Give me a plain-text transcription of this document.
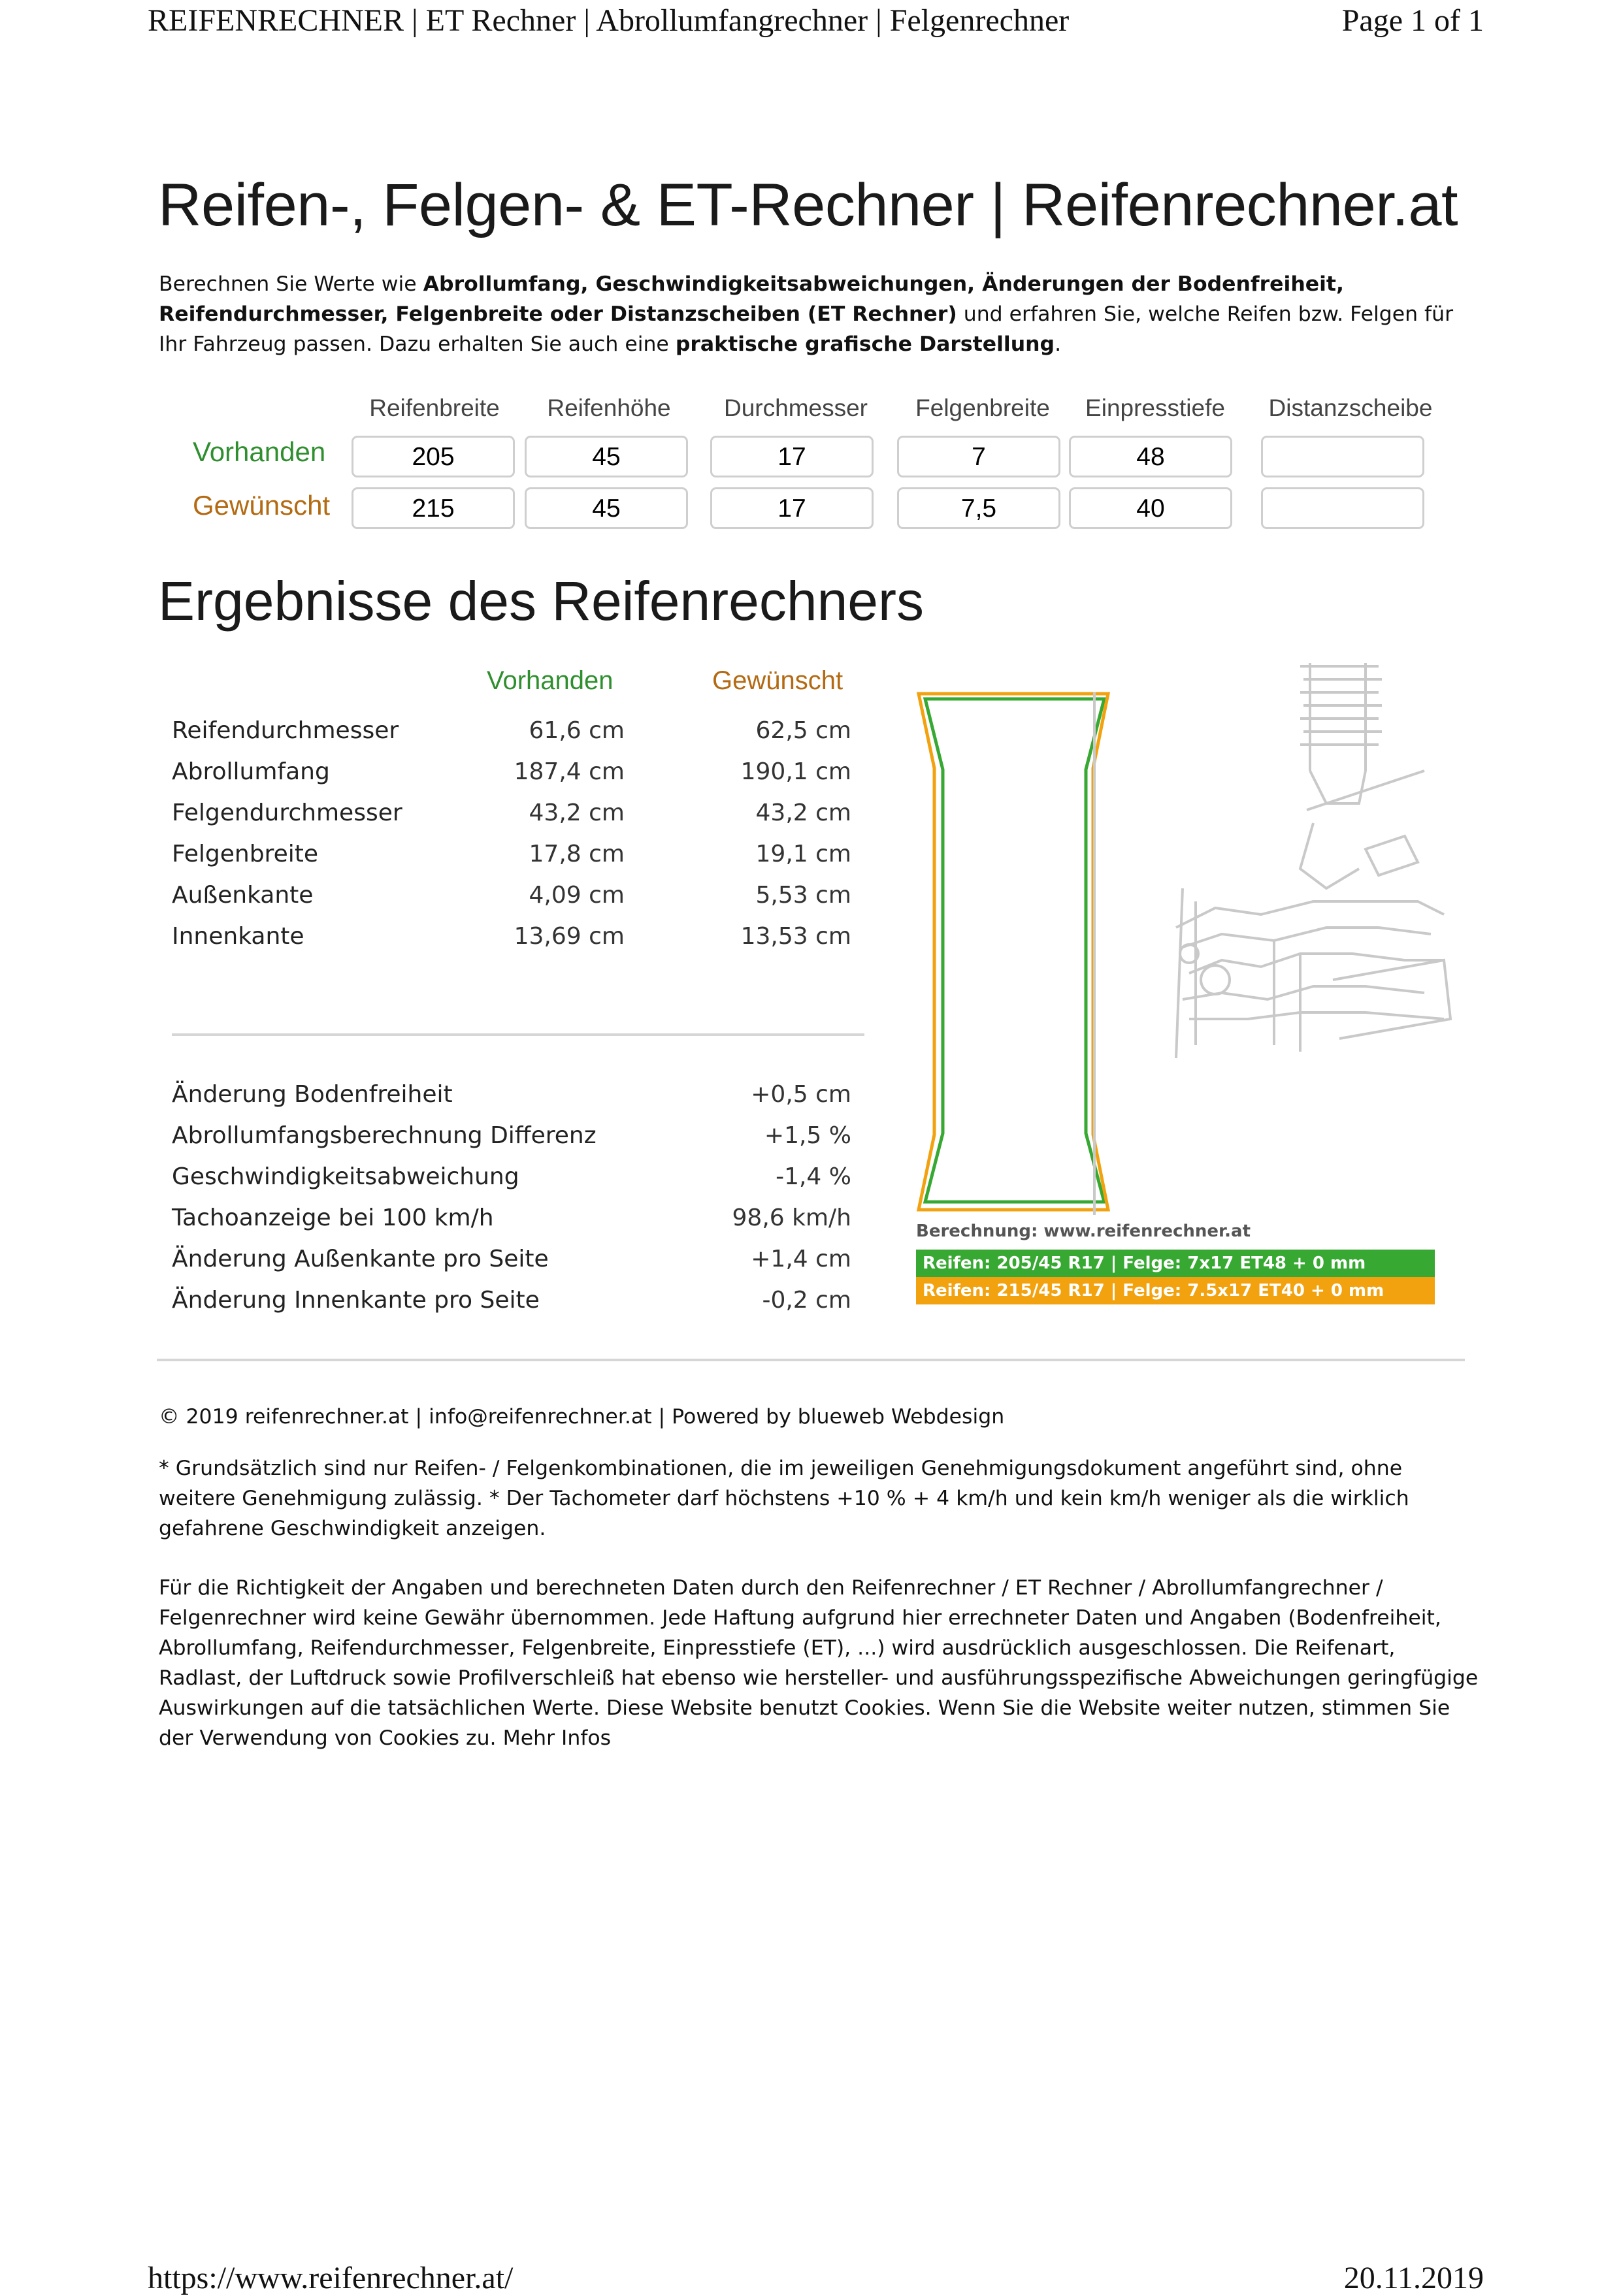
REIFENRECHNER | ET Rechner | Abrollumfangrechner | Felgenrechner	Page 1 of 1
Reifen-, Felgen- & ET-Rechner | Reifenrechner.at
Berechnen Sie Werte wie Abrollumfang, Geschwindigkeitsabweichungen, Änderungen der Bodenfreiheit, Reifendurchmesser, Felgenbreite oder Distanzscheiben (ET Rechner) und erfahren Sie, welche Reifen bzw. Felgen für Ihr Fahrzeug passen. Dazu erhalten Sie auch eine praktische grafische Darstellung.
Reifenbreite	Reifenhöhe	Durchmesser	Felgenbreite	Einpresstiefe	Distanzscheibe
Vorhanden	205	45	17	7	48
Gewünscht	215	45	17	7,5	40
Ergebnisse des Reifenrechners
Vorhanden	Gewünscht
Reifendurchmesser	61,6 cm	62,5 cm
Abrollumfang	187,4 cm	190,1 cm
Felgendurchmesser	43,2 cm	43,2 cm
Felgenbreite	17,8 cm	19,1 cm
Außenkante	4,09 cm	5,53 cm
Innenkante	13,69 cm	13,53 cm
Änderung Bodenfreiheit	+0,5 cm
Abrollumfangsberechnung Differenz	+1,5 %
Geschwindigkeitsabweichung	-1,4 %
Tachoanzeige bei 100 km/h	98,6 km/h
Änderung Außenkante pro Seite	+1,4 cm
Änderung Innenkante pro Seite	-0,2 cm
Berechnung: www.reifenrechner.at
Reifen: 205/45 R17 | Felge: 7x17 ET48 + 0 mm
Reifen: 215/45 R17 | Felge: 7.5x17 ET40 + 0 mm
© 2019 reifenrechner.at | info@reifenrechner.at | Powered by blueweb Webdesign
* Grundsätzlich sind nur Reifen- / Felgenkombinationen, die im jeweiligen Genehmigungsdokument angeführt sind, ohne weitere Genehmigung zulässig. * Der Tachometer darf höchstens +10 % + 4 km/h und kein km/h weniger als die wirklich gefahrene Geschwindigkeit anzeigen.
Für die Richtigkeit der Angaben und berechneten Daten durch den Reifenrechner / ET Rechner / Abrollumfangrechner / Felgenrechner wird keine Gewähr übernommen. Jede Haftung aufgrund hier errechneter Daten und Angaben (Bodenfreiheit, Abrollumfang, Reifendurchmesser, Felgenbreite, Einpresstiefe (ET), ...) wird ausdrücklich ausgeschlossen. Die Reifenart, Radlast, der Luftdruck sowie Profilverschleiß hat ebenso wie hersteller- und ausführungsspezifische Abweichungen geringfügige Auswirkungen auf die tatsächlichen Werte. Diese Website benutzt Cookies. Wenn Sie die Website weiter nutzen, stimmen Sie der Verwendung von Cookies zu. Mehr Infos
https://www.reifenrechner.at/	20.11.2019
